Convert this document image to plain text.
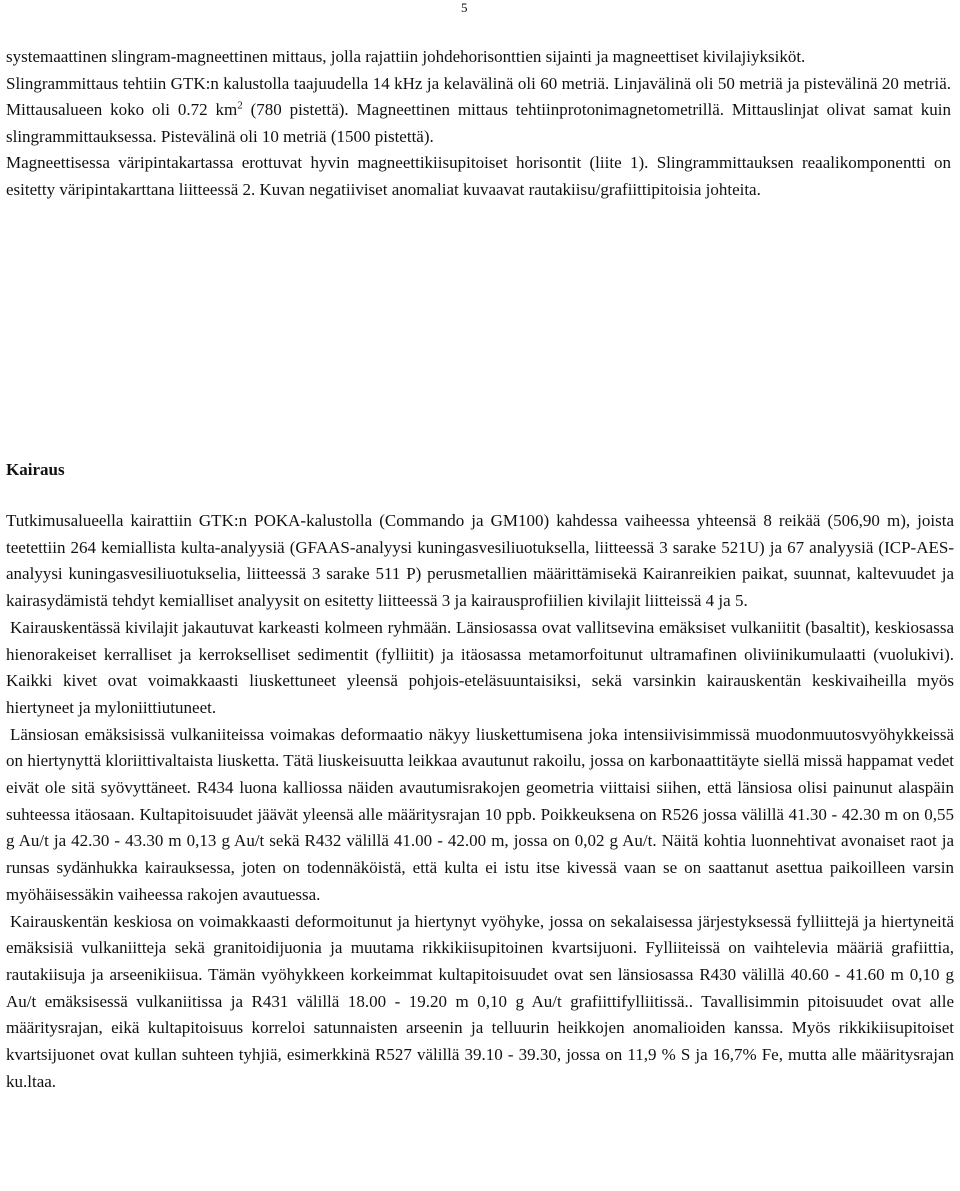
5

systemaattinen slingram-magneettinen mittaus, jolla rajattiin johdehorisonttien sijainti ja magneettiset kivilajiyksiköt.

Slingrammittaus tehtiin GTK:n kalustolla taajuudella 14 kHz ja kelavälinä oli 60 metriä. Linjavälinä oli 50 metriä ja pistevälinä 20 metriä. Mittausalueen koko oli 0.72 $km^2$ (780 pistettä). Magneettinen mittaus tehtiinprotonimagnetometrillä. Mittauslinjat olivat samat kuin slingrammittauksessa. Pistevälinä oli 10 metriä (1500 pistettä).

Magneettisessa väripintakartassa erottuvat hyvin magneettikiisupitoiset horisontit (liite 1). Slingrammittauksen reaalikomponentti on esitetty väripintakarttana liitteessä 2. Kuvan negatiiviset anomaliat kuvaavat rautakiisu/grafiittipitoisia johteita.

Kairaus

Tutkimusalueella kairattiin GTK:n POKA-kalustolla (Commando ja GM100) kahdessa vaiheessa yhteensä 8 reikää (506,90 m), joista teetettiin 264 kemiallista kulta-analyysiä (GFAAS-analyysi kuningasvesiliuotuksella, liitteessä 3 sarake 521U) ja 67 analyysiä (ICP-AES-analyysi kuningasvesiliuotukselia, liitteessä 3 sarake 511 P) perusmetallien määrittämisekä Kairanreikien paikat, suunnat, kaltevuudet ja kairasydämistä tehdyt kemialliset analyysit on esitetty liitteessä 3 ja kairausprofiilien kivilajit liitteissä 4 ja 5.

Kairauskentässä kivilajit jakautuvat karkeasti kolmeen ryhmään. Länsiosassa ovat vallitsevina emäksiset vulkaniitit (basaltit), keskiosassa hienorakeiset kerralliset ja kerrokselliset sedimentit (fylliitit) ja itäosassa metamorfoitunut ultramafinen oliviinikumulaatti (vuolukivi). Kaikki kivet ovat voimakkaasti liuskettuneet yleensä pohjois-eteläsuuntaisiksi, sekä varsinkin kairauskentän keskivaiheilla myös hiertyneet ja myloniittiutuneet.

Länsiosan emäksisissä vulkaniiteissa voimakas deformaatio näkyy liuskettumisena joka intensiivisimmissä muodonmuutosvyöhykkeissä on hiertynyttä kloriittivaltaista liusketta. Tätä liuskeisuutta leikkaa avautunut rakoilu, jossa on karbonaattitäyte siellä missä happamat vedet eivät ole sitä syövyttäneet. R434 luona kalliossa näiden avautumisrakojen geometria viittaisi siihen, että länsiosa olisi painunut alaspäin suhteessa itäosaan. Kultapitoisuudet jäävät yleensä alle määritysrajan 10 ppb. Poikkeuksena on R526 jossa välillä 41.30 - 42.30 m on 0,55 g Au/t ja 42.30 - 43.30 m 0,13 g Au/t sekä R432 välillä 41.00 - 42.00 m, jossa on 0,02 g Au/t. Näitä kohtia luonnehtivat avonaiset raot ja runsas sydänhukka kairauksessa, joten on todennäköistä, että kulta ei istu itse kivessä vaan se on saattanut asettua paikoilleen varsin myöhäisessäkin vaiheessa rakojen avautuessa.

Kairauskentän keskiosa on voimakkaasti deformoitunut ja hiertynyt vyöhyke, jossa on sekalaisessa järjestyksessä fylliittejä ja hiertyneitä emäksisiä vulkaniitteja sekä granitoidijuonia ja muutama rikkikiisupitoinen kvartsijuoni. Fylliiteissä on vaihtelevia määriä grafiittia, rautakiisuja ja arseenikiisua. Tämän vyöhykkeen korkeimmat kultapitoisuudet ovat sen länsiosassa R430 välillä 40.60 - 41.60 m 0,10 g Au/t emäksisessä vulkaniitissa ja R431 välillä 18.00 - 19.20 m 0,10 g Au/t grafiittifylliitissä.. Tavallisimmin pitoisuudet ovat alle määritysrajan, eikä kultapitoisuus korreloi satunnaisten arseenin ja telluurin heikkojen anomalioiden kanssa. Myös rikkikiisupitoiset kvartsijuonet ovat kullan suhteen tyhjiä, esimerkkinä R527 välillä 39.10 - 39.30, jossa on 11,9 % S ja 16,7% Fe, mutta alle määritysrajan ku.ltaa.
